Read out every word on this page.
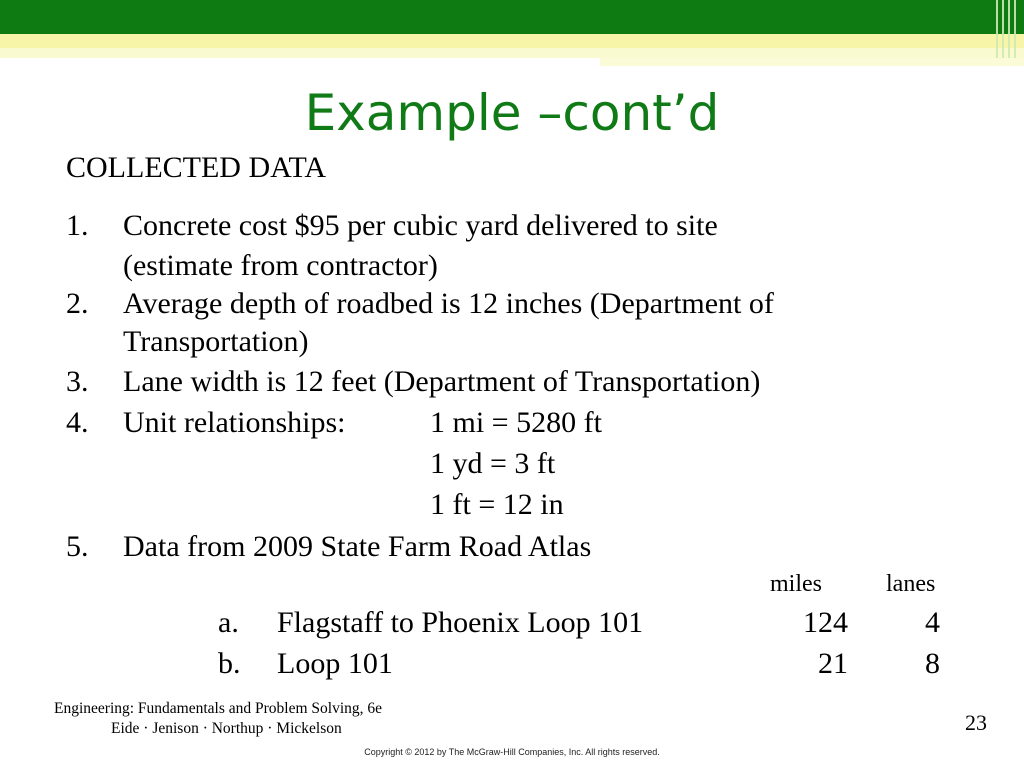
Example –cont’d
COLLECTED DATA
1. Concrete cost $95 per cubic yard delivered to site
(estimate from contractor)
2. Average depth of roadbed is 12 inches (Department of
Transportation)
3. Lane width is 12 feet (Department of Transportation)
4. Unit relationships:	1 mi = 5280 ft
1 yd = 3 ft
1 ft = 12 in
5. Data from 2009 State Farm Road Atlas
miles	lanes
a. Flagstaff to Phoenix Loop 101	124	4
b. Loop 101	21	8
Engineering: Fundamentals and Problem Solving, 6e
Eide · Jenison · Northup · Mickelson	23
Copyright © 2012 by The McGraw-Hill Companies, Inc. All rights reserved.
